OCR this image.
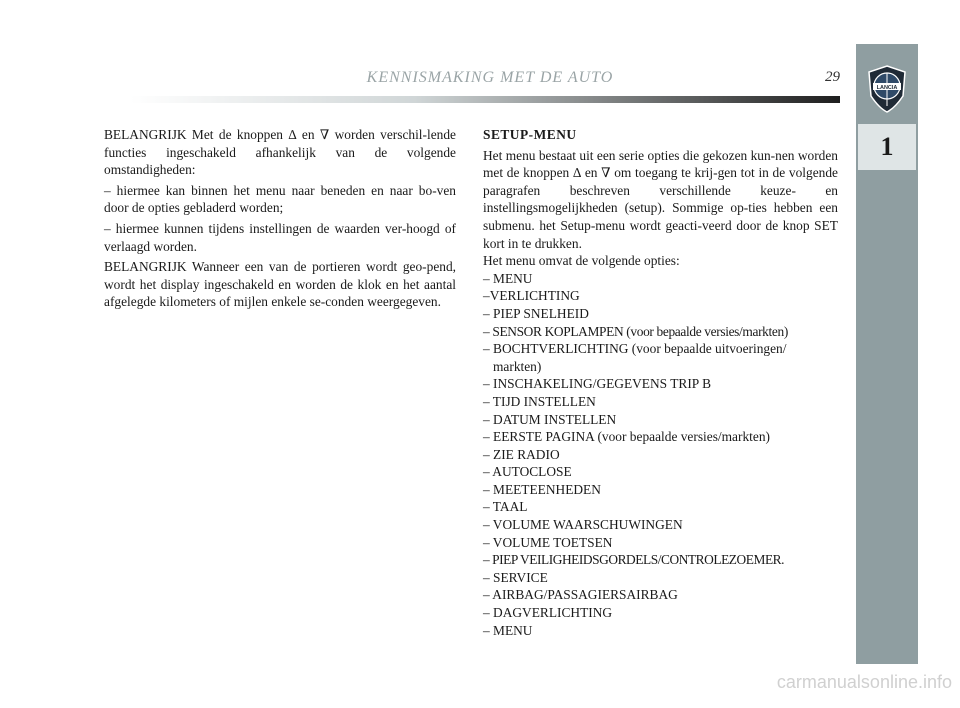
KENNISMAKING MET DE AUTO	29
LANCIA
1

BELANGRIJK Met de knoppen ∆ en ∇ worden verschil-lende functies ingeschakeld afhankelijk van de volgende omstandigheden:

– hiermee kan binnen het menu naar beneden en naar bo-ven door de opties gebladerd worden;

– hiermee kunnen tijdens instellingen de waarden ver-hoogd of verlaagd worden.

BELANGRIJK Wanneer een van de portieren wordt geo-pend, wordt het display ingeschakeld en worden de klok en het aantal afgelegde kilometers of mijlen enkele se-conden weergegeven.

SETUP-MENU

Het menu bestaat uit een serie opties die gekozen kun-nen worden met de knoppen ∆ en ∇ om toegang te krij-gen tot in de volgende paragrafen beschreven verschillende keuze- en instellingsmogelijkheden (setup). Sommige op-ties hebben een submenu. het Setup-menu wordt geacti-veerd door de knop SET kort in te drukken.

Het menu omvat de volgende opties:
– MENU
–VERLICHTING
– PIEP SNELHEID
– SENSOR KOPLAMPEN (voor bepaalde versies/markten)
– BOCHTVERLICHTING (voor bepaalde uitvoeringen/ markten)
– INSCHAKELING/GEGEVENS TRIP B
– TIJD INSTELLEN
– DATUM INSTELLEN
– EERSTE PAGINA (voor bepaalde versies/markten)
– ZIE RADIO
– AUTOCLOSE
– MEETEENHEDEN
– TAAL
– VOLUME WAARSCHUWINGEN
– VOLUME TOETSEN
– PIEP VEILIGHEIDSGORDELS/CONTROLEZOEMER.
– SERVICE
– AIRBAG/PASSAGIERSAIRBAG
– DAGVERLICHTING
– MENU
carmanualsonline.info
